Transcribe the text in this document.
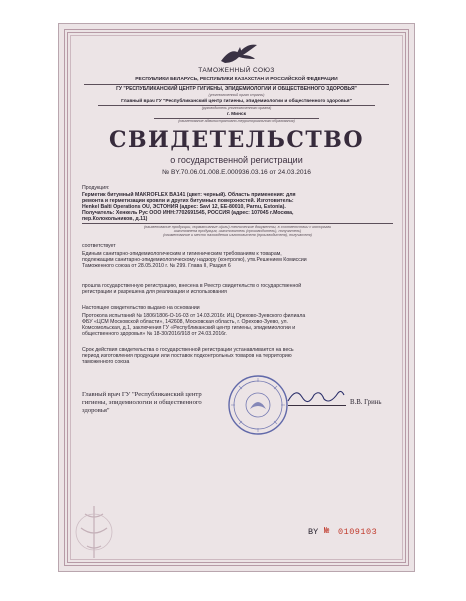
ТАМОЖЕННЫЙ СОЮЗ
РЕСПУБЛИКИ БЕЛАРУСЬ, РЕСПУБЛИКИ КАЗАХСТАН И РОССИЙСКОЙ ФЕДЕРАЦИИ
ГУ "РЕСПУБЛИКАНСКИЙ ЦЕНТР ГИГИЕНЫ, ЭПИДЕМИОЛОГИИ И ОБЩЕСТВЕННОГО ЗДОРОВЬЯ"
(уполномоченный орган страны)
Главный врач ГУ "Республиканский центр гигиены, эпидемиологии и общественного здоровья"
(руководитель уполномоченного органа)
г. Минск
(наименование административно-территориального образования)
СВИДЕТЕЛЬСТВО
о государственной регистрации
№ BY.70.06.01.008.Е.000936.03.16 от 24.03.2016
Продукция:
Герметик битумный MAKROFLEX BA141 (цвет: черный). Область применения: для
ремонта и герметизации кровли и других битумных поверхностей. Изготовитель:
Henkel Balti Operations OU, ЭСТОНИЯ (адрес: Savi 12, EE-80010, Parnu, Estonia).
Получатель: Хенкель Рус ООО ИНН:7702691545, РОССИЯ (адрес: 107045 г.Москва,
пер.Колокольников, д.11)
(наименование продукции, нормативные и(или) технические документы, в соответствии с которыми
изготовлена продукция, изготовитель (производитель), получатель)
(наименование и место нахождения изготовителя (производителя), получателя)
соответствует
Единым санитарно-эпидемиологическим и гигиеническим требованиям к товарам,
подлежащим санитарно-эпидемиологическому надзору (контролю), утв.Решением Комиссии
Таможенного союза от 28.05.2010 г. № 299. Глава II, Раздел 6
прошла государственную регистрацию, внесена в Реестр свидетельств о государственной
регистрации и разрешена для реализации и использования
Настоящее свидетельство выдано на основании
Протокола испытаний № 1806/1806-О-16-03 от 14.03.2016г. ИЦ Орехово-Зуевского филиала
ФБУ «ЦСМ Московской области», 142608, Московская область, г. Орехово-Зуево, ул.
Комсомольская, д.1, заключения ГУ «Республиканский центр гигиены, эпидемиологии и
общественного здоровья» № 18-30/2016/918 от 24.03.2016г.
Срок действия свидетельства о государственной регистрации устанавливается на весь
период изготовления продукции или поставок подконтрольных товаров на территорию
таможенного союза
Главный врач ГУ "Республиканский центр
гигиены, эпидемиологии и общественного
здоровья"
В.В. Гринь
BY № 0109103
